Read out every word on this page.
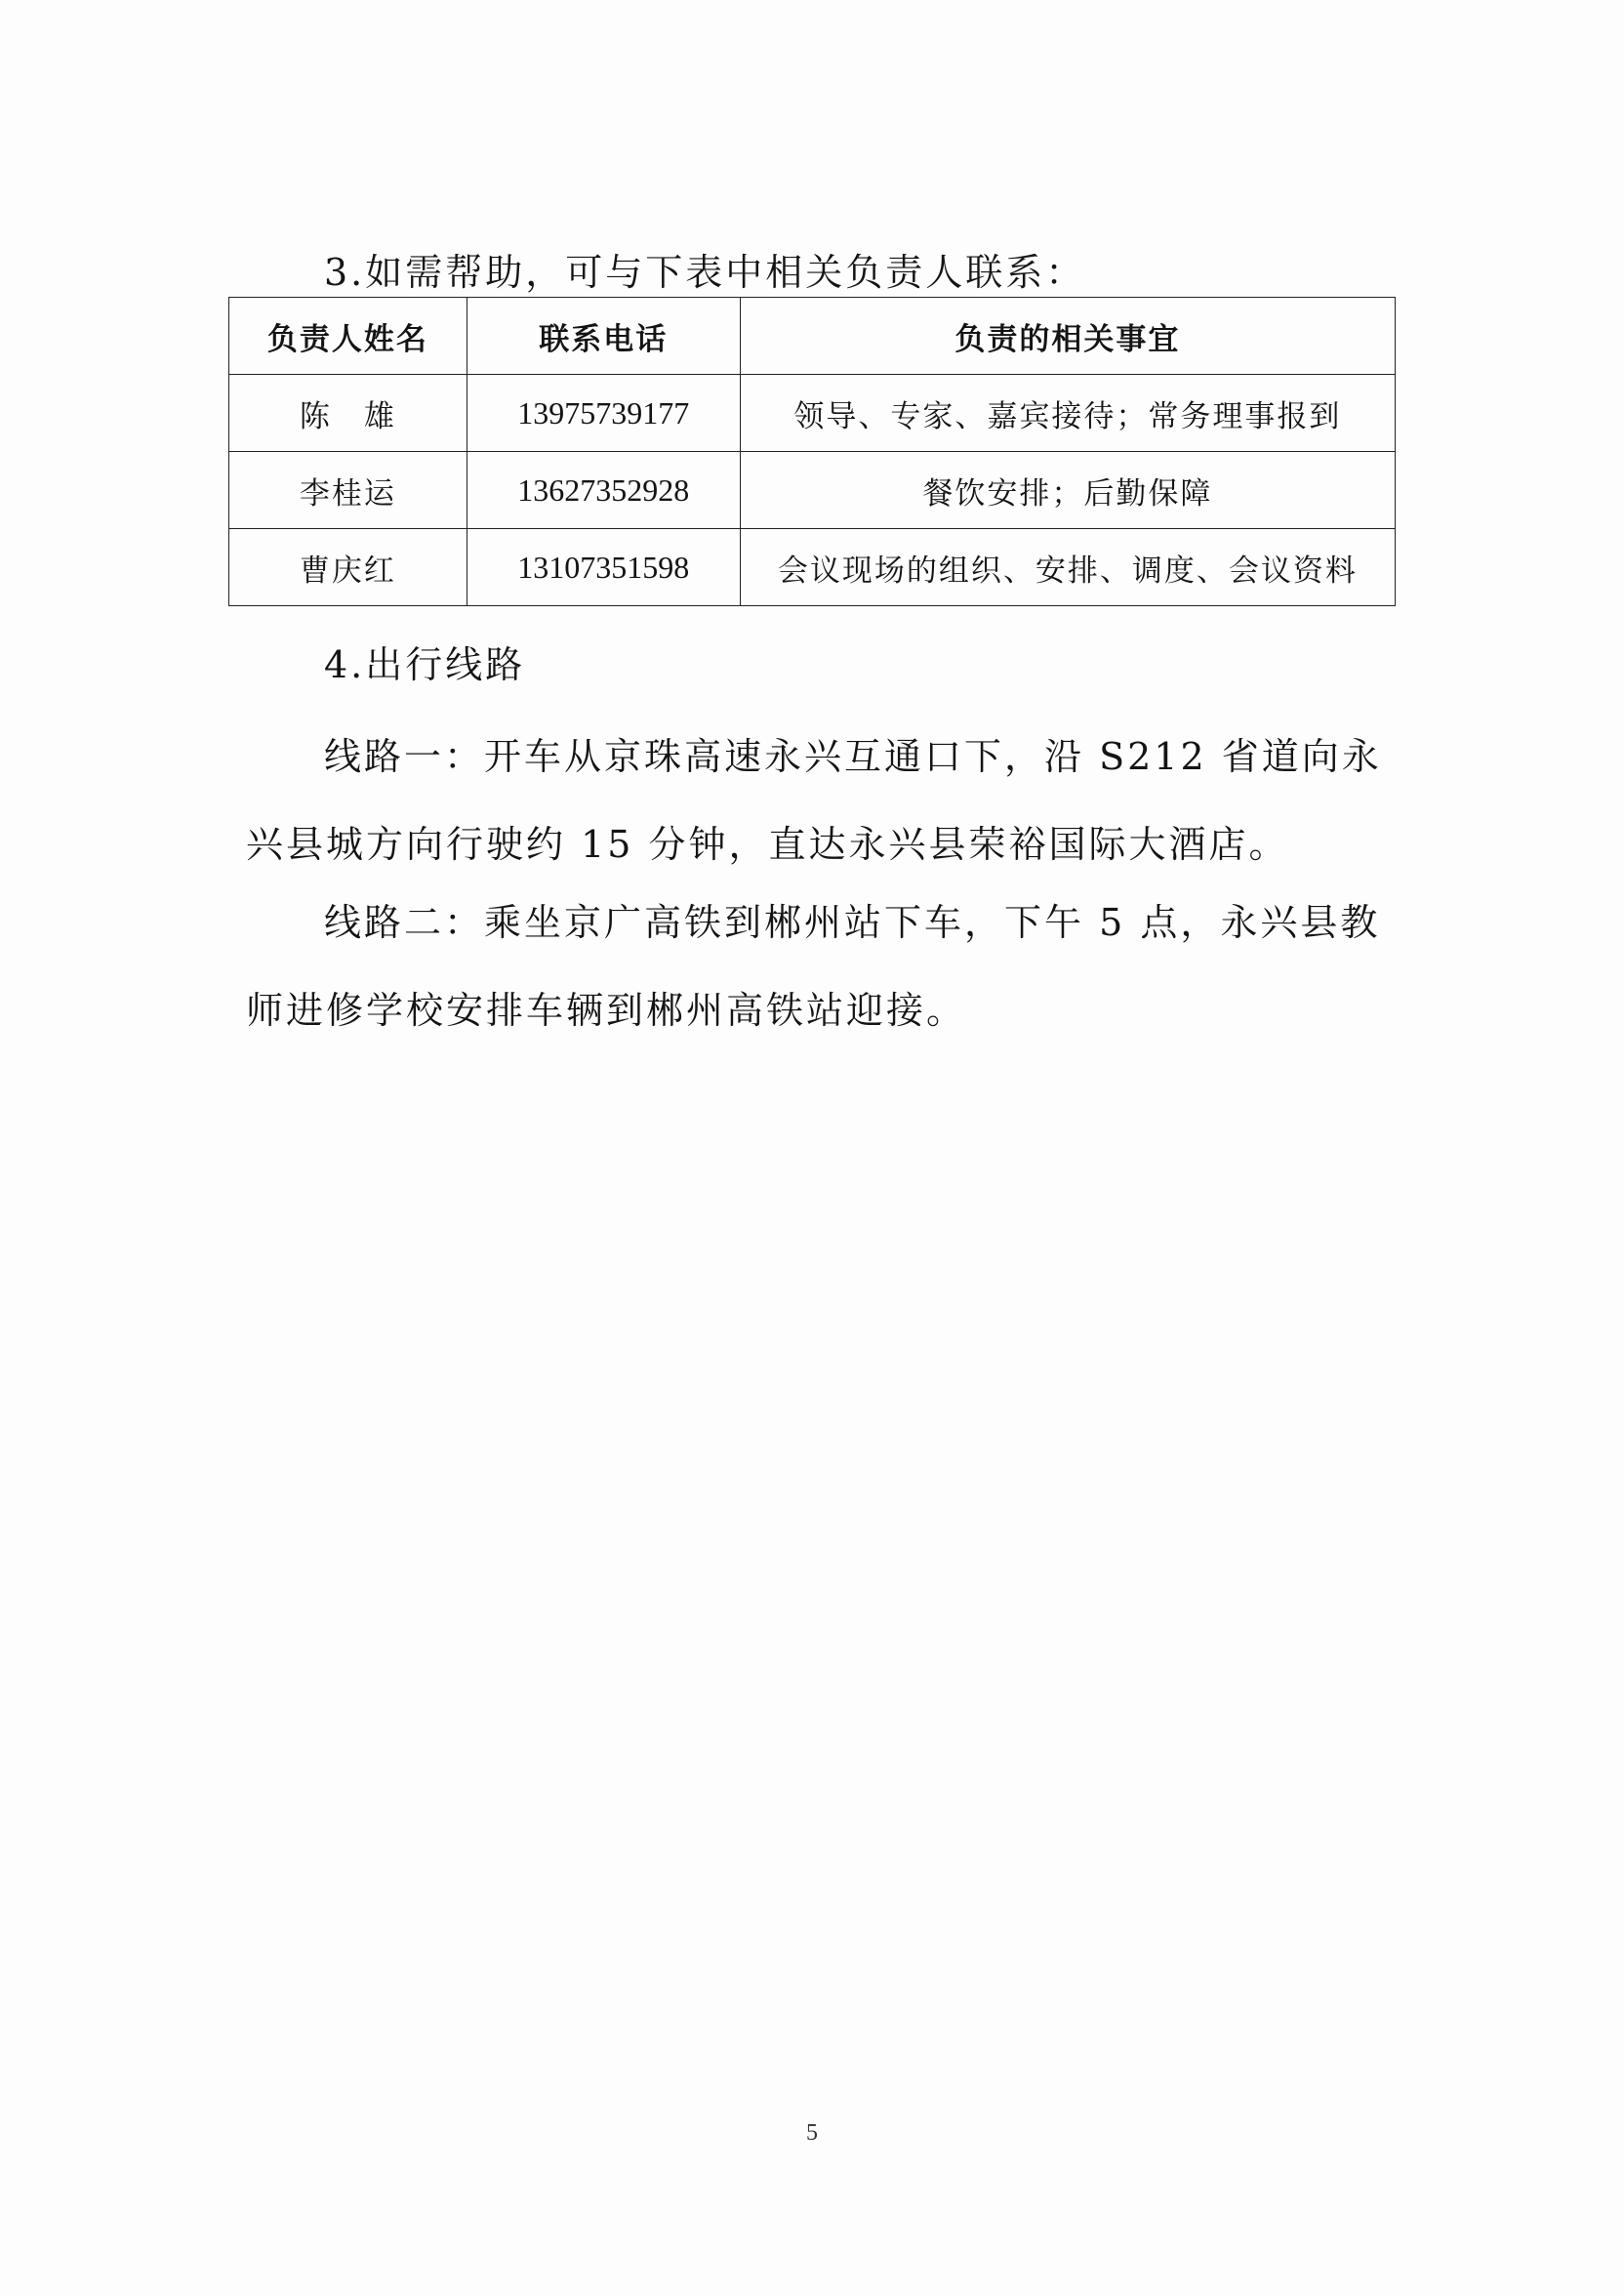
3.如需帮助，可与下表中相关负责人联系：

负责人姓名	联系电话	负责的相关事宜
陈　雄	13975739177	领导、专家、嘉宾接待；常务理事报到
李桂运	13627352928	餐饮安排；后勤保障
曹庆红	13107351598	会议现场的组织、安排、调度、会议资料

4.出行线路

线路一：开车从京珠高速永兴互通口下，沿 S212 省道向永兴县城方向行驶约 15 分钟，直达永兴县荣裕国际大酒店。

线路二：乘坐京广高铁到郴州站下车，下午 5 点，永兴县教师进修学校安排车辆到郴州高铁站迎接。

5
